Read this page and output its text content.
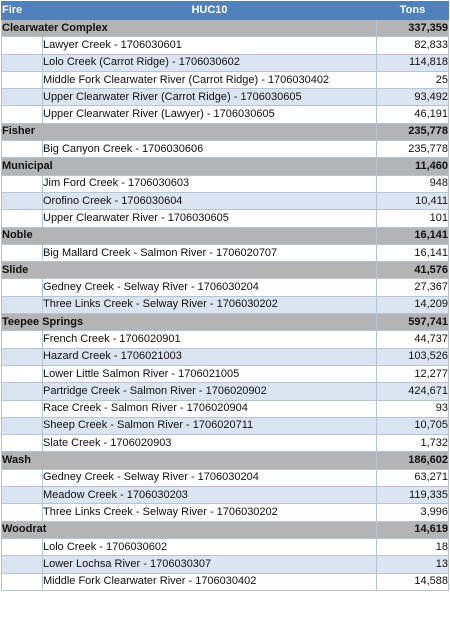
Fire	HUC10	Tons
Clearwater Complex		337,359
	Lawyer Creek - 1706030601	82,833
	Lolo Creek (Carrot Ridge) - 1706030602	114,818
	Middle Fork Clearwater River (Carrot Ridge) - 1706030402	25
	Upper Clearwater River (Carrot Ridge) - 1706030605	93,492
	Upper Clearwater River (Lawyer) - 1706030605	46,191
Fisher		235,778
	Big Canyon Creek - 1706030606	235,778
Municipal		11,460
	Jim Ford Creek - 1706030603	948
	Orofino Creek - 1706030604	10,411
	Upper Clearwater River - 1706030605	101
Noble		16,141
	Big Mallard Creek - Salmon River - 1706020707	16,141
Slide		41,576
	Gedney Creek - Selway River - 1706030204	27,367
	Three Links Creek - Selway River - 1706030202	14,209
Teepee Springs		597,741
	French Creek - 1706020901	44,737
	Hazard Creek - 1706021003	103,526
	Lower Little Salmon River - 1706021005	12,277
	Partridge Creek - Salmon River - 1706020902	424,671
	Race Creek - Salmon River - 1706020904	93
	Sheep Creek - Salmon River - 1706020711	10,705
	Slate Creek - 1706020903	1,732
Wash		186,602
	Gedney Creek - Selway River - 1706030204	63,271
	Meadow Creek - 1706030203	119,335
	Three Links Creek - Selway River - 1706030202	3,996
Woodrat		14,619
	Lolo Creek - 1706030602	18
	Lower Lochsa River - 1706030307	13
	Middle Fork Clearwater River - 1706030402	14,588
